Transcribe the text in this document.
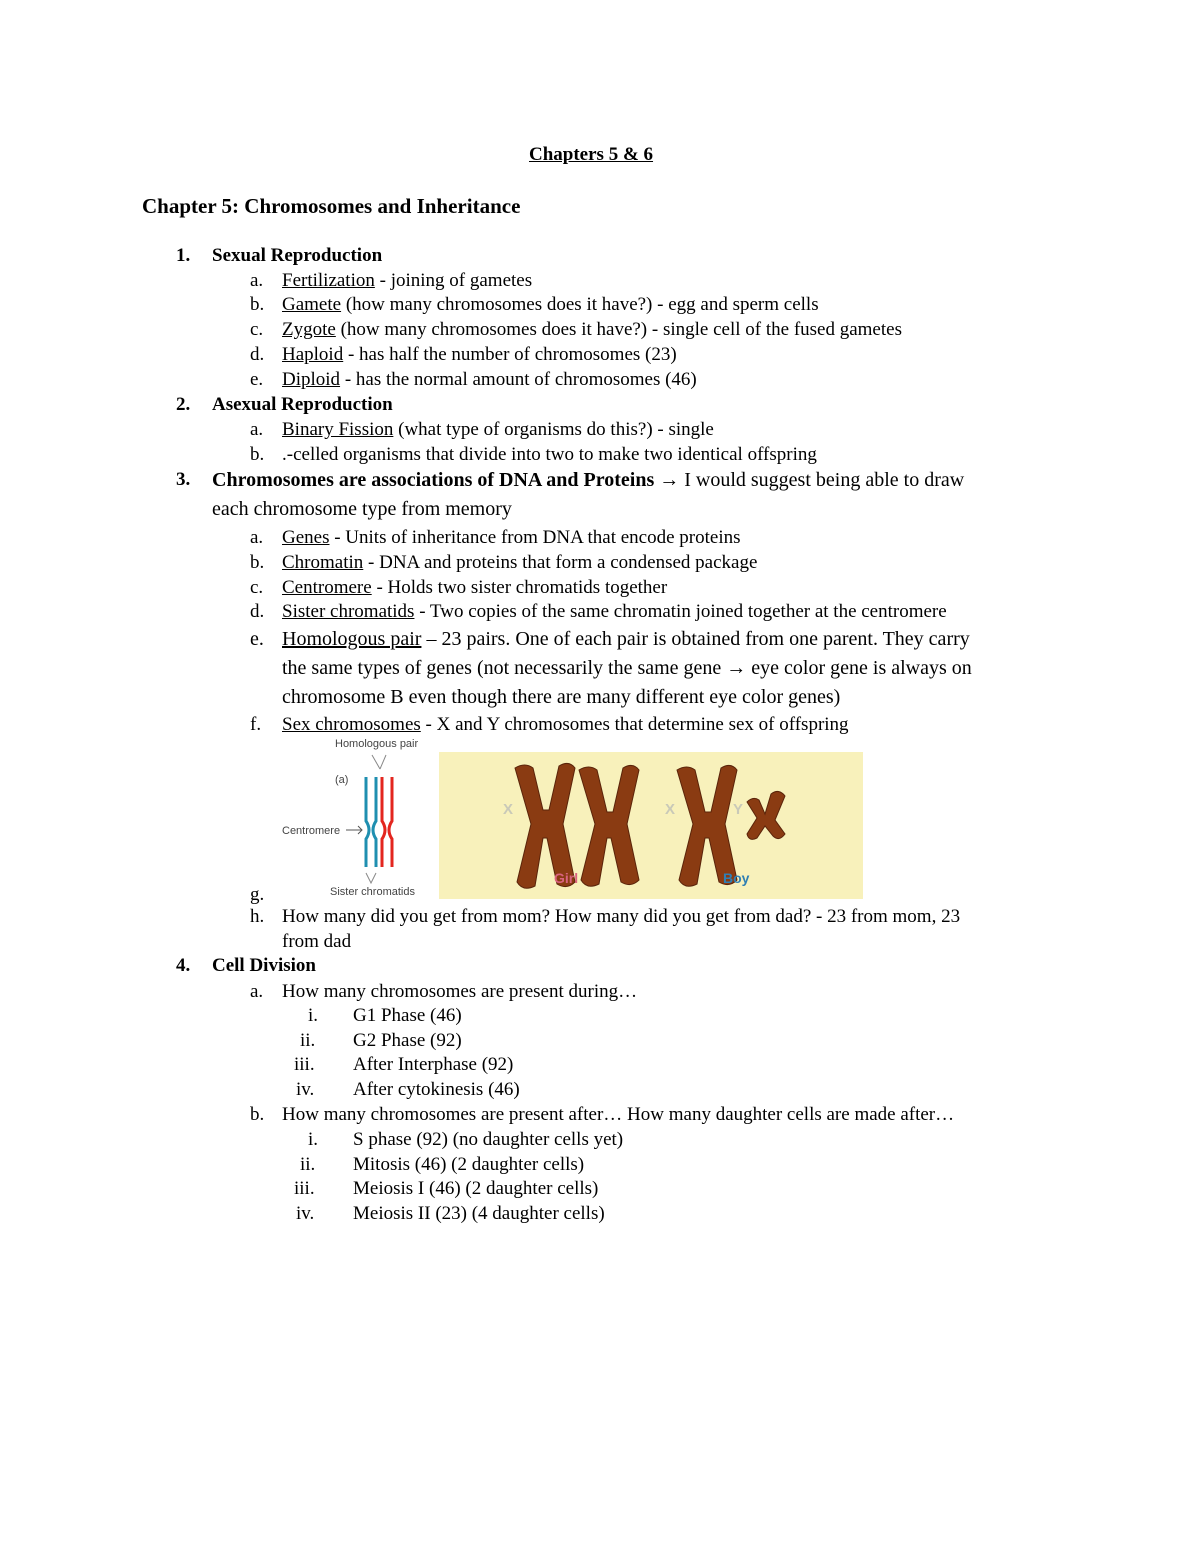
Chapters 5 & 6
Chapter 5: Chromosomes and Inheritance
1. Sexual Reproduction
a. Fertilization - joining of gametes
b. Gamete (how many chromosomes does it have?) - egg and sperm cells
c. Zygote (how many chromosomes does it have?) - single cell of the fused gametes
d. Haploid - has half the number of chromosomes (23)
e. Diploid - has the normal amount of chromosomes (46)
2. Asexual Reproduction
a. Binary Fission (what type of organisms do this?) - single
b. .-celled organisms that divide into two to make two identical offspring
3. Chromosomes are associations of DNA and Proteins → I would suggest being able to draw
each chromosome type from memory
a. Genes - Units of inheritance from DNA that encode proteins
b. Chromatin - DNA and proteins that form a condensed package
c. Centromere - Holds two sister chromatids together
d. Sister chromatids - Two copies of the same chromatin joined together at the centromere
e. Homologous pair – 23 pairs. One of each pair is obtained from one parent. They carry
the same types of genes (not necessarily the same gene → eye color gene is always on
chromosome B even though there are many different eye color genes)
f. Sex chromosomes - X and Y chromosomes that determine sex of offspring
Homologous pair
(a)
Centromere
Sister chromatids
X
Girl
X	Y
Boy
g.
h. How many did you get from mom? How many did you get from dad? - 23 from mom, 23
from dad
4. Cell Division
a. How many chromosomes are present during…
i. G1 Phase (46)
ii. G2 Phase (92)
iii. After Interphase (92)
iv. After cytokinesis (46)
b. How many chromosomes are present after… How many daughter cells are made after…
i. S phase (92) (no daughter cells yet)
ii. Mitosis (46) (2 daughter cells)
iii. Meiosis I (46) (2 daughter cells)
iv. Meiosis II (23) (4 daughter cells)
